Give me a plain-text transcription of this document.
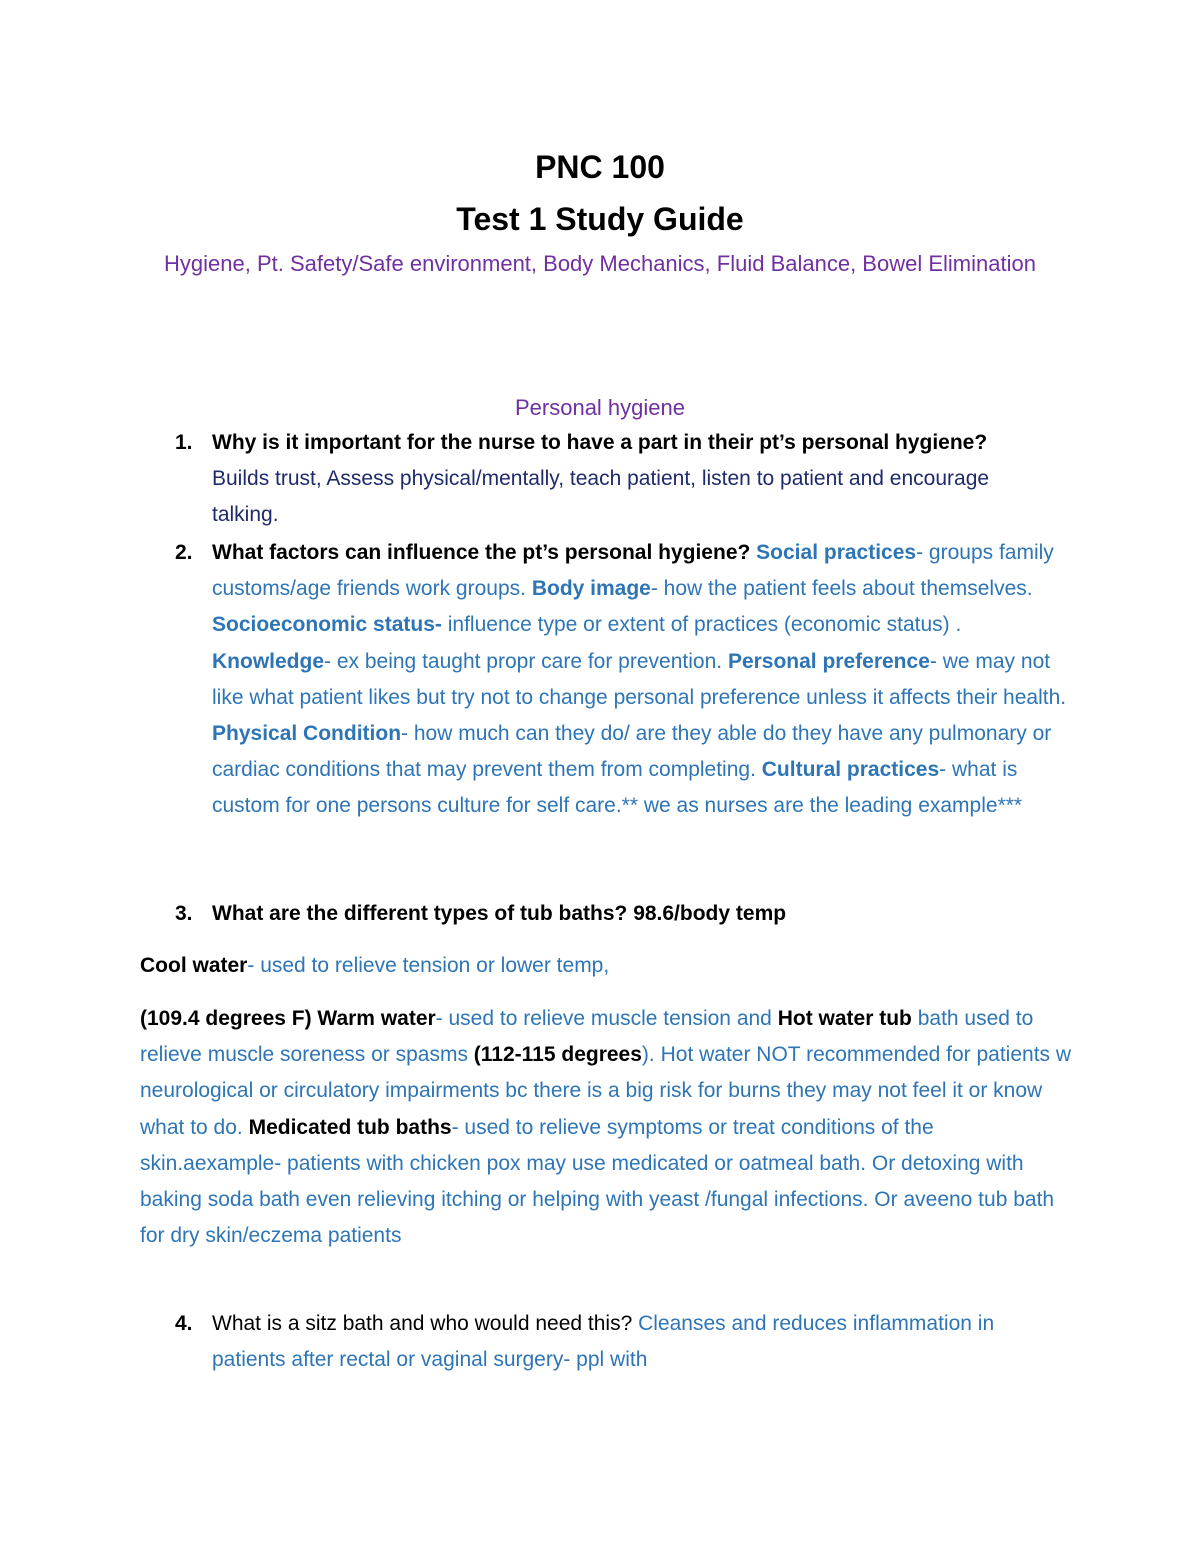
PNC 100
Test 1 Study Guide
Hygiene, Pt. Safety/Safe environment, Body Mechanics, Fluid Balance, Bowel Elimination
Personal hygiene
1. Why is it important for the nurse to have a part in their pt’s personal hygiene? Builds trust, Assess physical/mentally, teach patient, listen to patient and encourage talking.
2. What factors can influence the pt’s personal hygiene? Social practices- groups family customs/age friends work groups. Body image- how the patient feels about themselves. Socioeconomic status- influence type or extent of practices (economic status) . Knowledge- ex being taught propr care for prevention. Personal preference- we may not like what patient likes but try not to change personal preference unless it affects their health. Physical Condition- how much can they do/ are they able do they have any pulmonary or cardiac conditions that may prevent them from completing. Cultural practices- what is custom for one persons culture for self care.** we as nurses are the leading example***
3. What are the different types of tub baths? 98.6/body temp
Cool water- used to relieve tension or lower temp,
(109.4 degrees F) Warm water- used to relieve muscle tension and Hot water tub bath used to relieve muscle soreness or spasms (112-115 degrees). Hot water NOT recommended for patients w neurological or circulatory impairments bc there is a big risk for burns they may not feel it or know what to do. Medicated tub baths- used to relieve symptoms or treat conditions of the skin.aexample- patients with chicken pox may use medicated or oatmeal bath. Or detoxing with baking soda bath even relieving itching or helping with yeast /fungal infections. Or aveeno tub bath for dry skin/eczema patients
4. What is a sitz bath and who would need this? Cleanses and reduces inflammation in patients after rectal or vaginal surgery- ppl with
